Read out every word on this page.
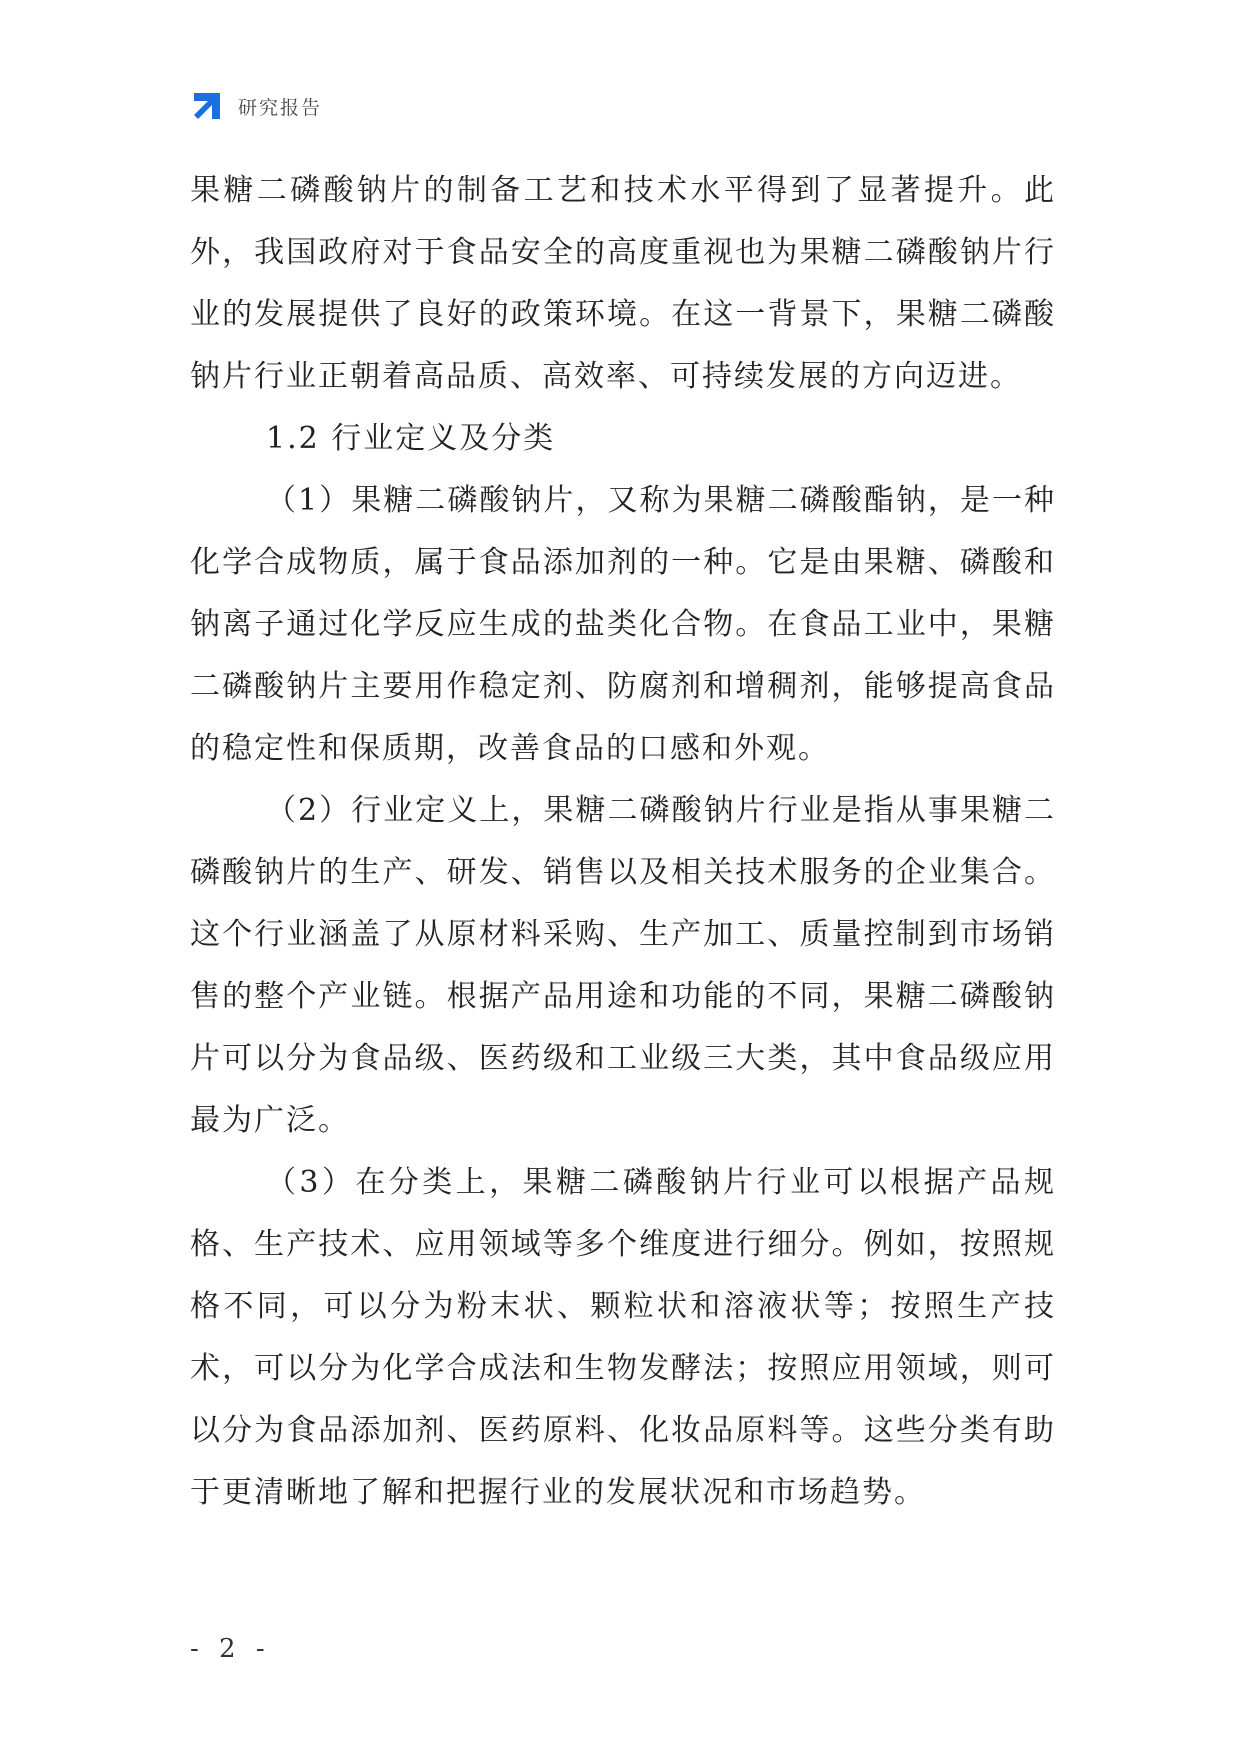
研究报告

果糖二磷酸钠片的制备工艺和技术水平得到了显著提升。此外，我国政府对于食品安全的高度重视也为果糖二磷酸钠片行业的发展提供了良好的政策环境。在这一背景下，果糖二磷酸钠片行业正朝着高品质、高效率、可持续发展的方向迈进。

1.2 行业定义及分类

（1）果糖二磷酸钠片，又称为果糖二磷酸酯钠，是一种化学合成物质，属于食品添加剂的一种。它是由果糖、磷酸和钠离子通过化学反应生成的盐类化合物。在食品工业中，果糖二磷酸钠片主要用作稳定剂、防腐剂和增稠剂，能够提高食品的稳定性和保质期，改善食品的口感和外观。

（2）行业定义上，果糖二磷酸钠片行业是指从事果糖二磷酸钠片的生产、研发、销售以及相关技术服务的企业集合。这个行业涵盖了从原材料采购、生产加工、质量控制到市场销售的整个产业链。根据产品用途和功能的不同，果糖二磷酸钠片可以分为食品级、医药级和工业级三大类，其中食品级应用最为广泛。

（3）在分类上，果糖二磷酸钠片行业可以根据产品规格、生产技术、应用领域等多个维度进行细分。例如，按照规格不同，可以分为粉末状、颗粒状和溶液状等；按照生产技术，可以分为化学合成法和生物发酵法；按照应用领域，则可以分为食品添加剂、医药原料、化妆品原料等。这些分类有助于更清晰地了解和把握行业的发展状况和市场趋势。

- 2 -
